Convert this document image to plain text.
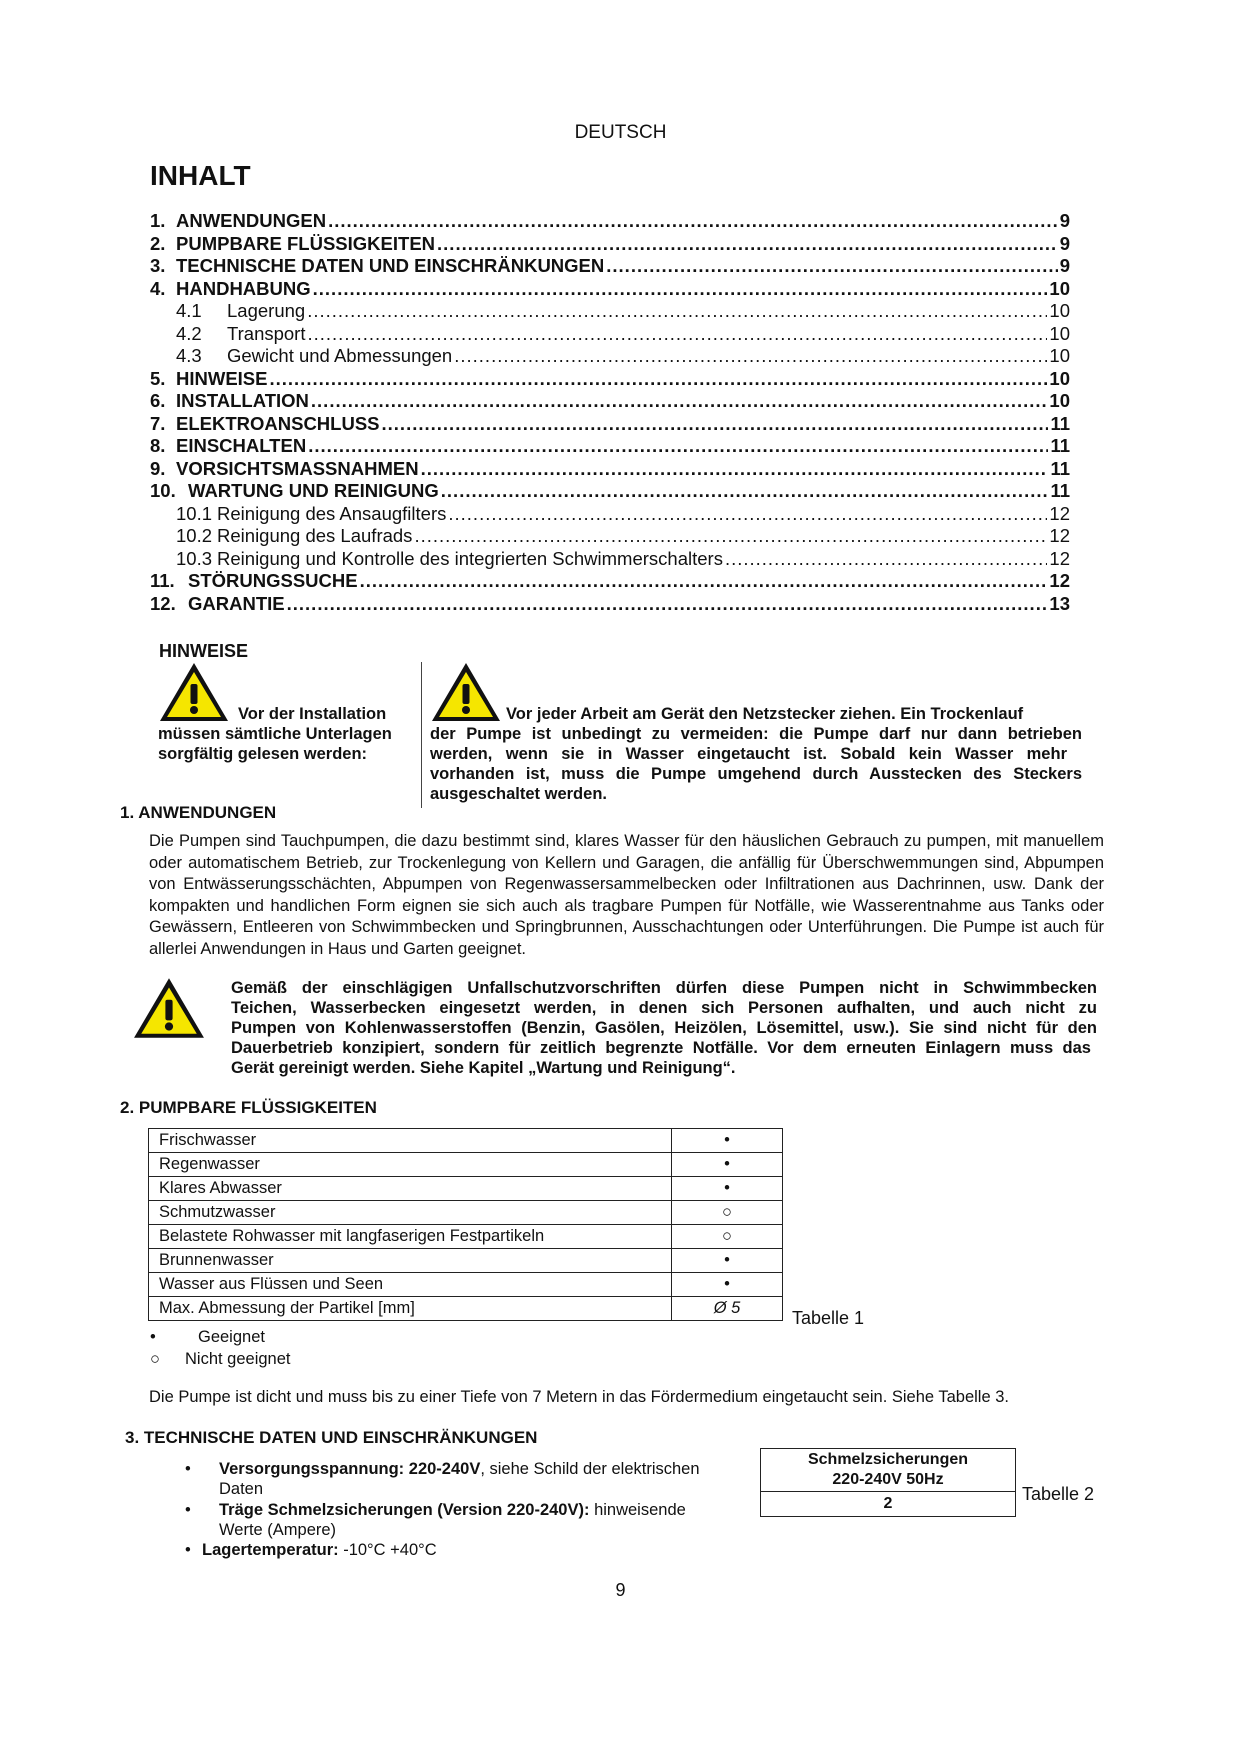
DEUTSCH
INHALT
1. ANWENDUNGEN .....	9
2. PUMPBARE FLÜSSIGKEITEN .....	9
3. TECHNISCHE DATEN UND EINSCHRÄNKUNGEN .....	9
4. HANDHABUNG .....	10
4.1	Lagerung .....	10
4.2	Transport .....	10
4.3	Gewicht und Abmessungen .....	10
5. HINWEISE .....	10
6. INSTALLATION .....	10
7. ELEKTROANSCHLUSS .....	11
8. EINSCHALTEN .....	11
9. VORSICHTSMASSNAHMEN .....	11
10. WARTUNG UND REINIGUNG .....	11
10.1 Reinigung des Ansaugfilters .....	12
10.2 Reinigung des Laufrads .....	12
10.3 Reinigung und Kontrolle des integrierten Schwimmerschalters .....	12
11. STÖRUNGSSUCHE .....	12
12. GARANTIE .....	13
HINWEISE
Vor der Installation
müssen sämtliche Unterlagen
sorgfältig gelesen werden:
Vor jeder Arbeit am Gerät den Netzstecker ziehen. Ein Trockenlauf
der Pumpe ist unbedingt zu vermeiden: die Pumpe darf nur dann betrieben
werden, wenn sie in Wasser eingetaucht ist. Sobald kein Wasser mehr
vorhanden ist, muss die Pumpe umgehend durch Ausstecken des Steckers
ausgeschaltet werden.
1. ANWENDUNGEN
Die Pumpen sind Tauchpumpen, die dazu bestimmt sind, klares Wasser für den häuslichen Gebrauch zu pumpen, mit manuellem oder automatischem Betrieb, zur Trockenlegung von Kellern und Garagen, die anfällig für Überschwemmungen sind, Abpumpen von Entwässerungsschächten, Abpumpen von Regenwassersammelbecken oder Infiltrationen aus Dachrinnen, usw. Dank der kompakten und handlichen Form eignen sie sich auch als tragbare Pumpen für Notfälle, wie Wasserentnahme aus Tanks oder Gewässern, Entleeren von Schwimmbecken und Springbrunnen, Ausschachtungen oder Unterführungen. Die Pumpe ist auch für allerlei Anwendungen in Haus und Garten geeignet.
Gemäß der einschlägigen Unfallschutzvorschriften dürfen diese Pumpen nicht in Schwimmbecken
Teichen, Wasserbecken eingesetzt werden, in denen sich Personen aufhalten, und auch nicht zu
Pumpen von Kohlenwasserstoffen (Benzin, Gasölen, Heizölen, Lösemittel, usw.). Sie sind nicht für den
Dauerbetrieb konzipiert, sondern für zeitlich begrenzte Notfälle. Vor dem erneuten Einlagern muss das
Gerät gereinigt werden. Siehe Kapitel „Wartung und Reinigung“.
2. PUMPBARE FLÜSSIGKEITEN
Frischwasser	•
Regenwasser	•
Klares Abwasser	•
Schmutzwasser	○
Belastete Rohwasser mit langfaserigen Festpartikeln	○
Brunnenwasser	•
Wasser aus Flüssen und Seen	•
Max. Abmessung der Partikel [mm]	Ø 5	Tabelle 1
•	Geeignet
○ Nicht geeignet
Die Pumpe ist dicht und muss bis zu einer Tiefe von 7 Metern in das Fördermedium eingetaucht sein. Siehe Tabelle 3.
3. TECHNISCHE DATEN UND EINSCHRÄNKUNGEN
• Versorgungsspannung: 220-240V, siehe Schild der elektrischen
Daten
• Träge Schmelzsicherungen (Version 220-240V): hinweisende
Werte (Ampere)
• Lagertemperatur: -10°C +40°C
Schmelzsicherungen
220-240V 50Hz

2	Tabelle 2
9
